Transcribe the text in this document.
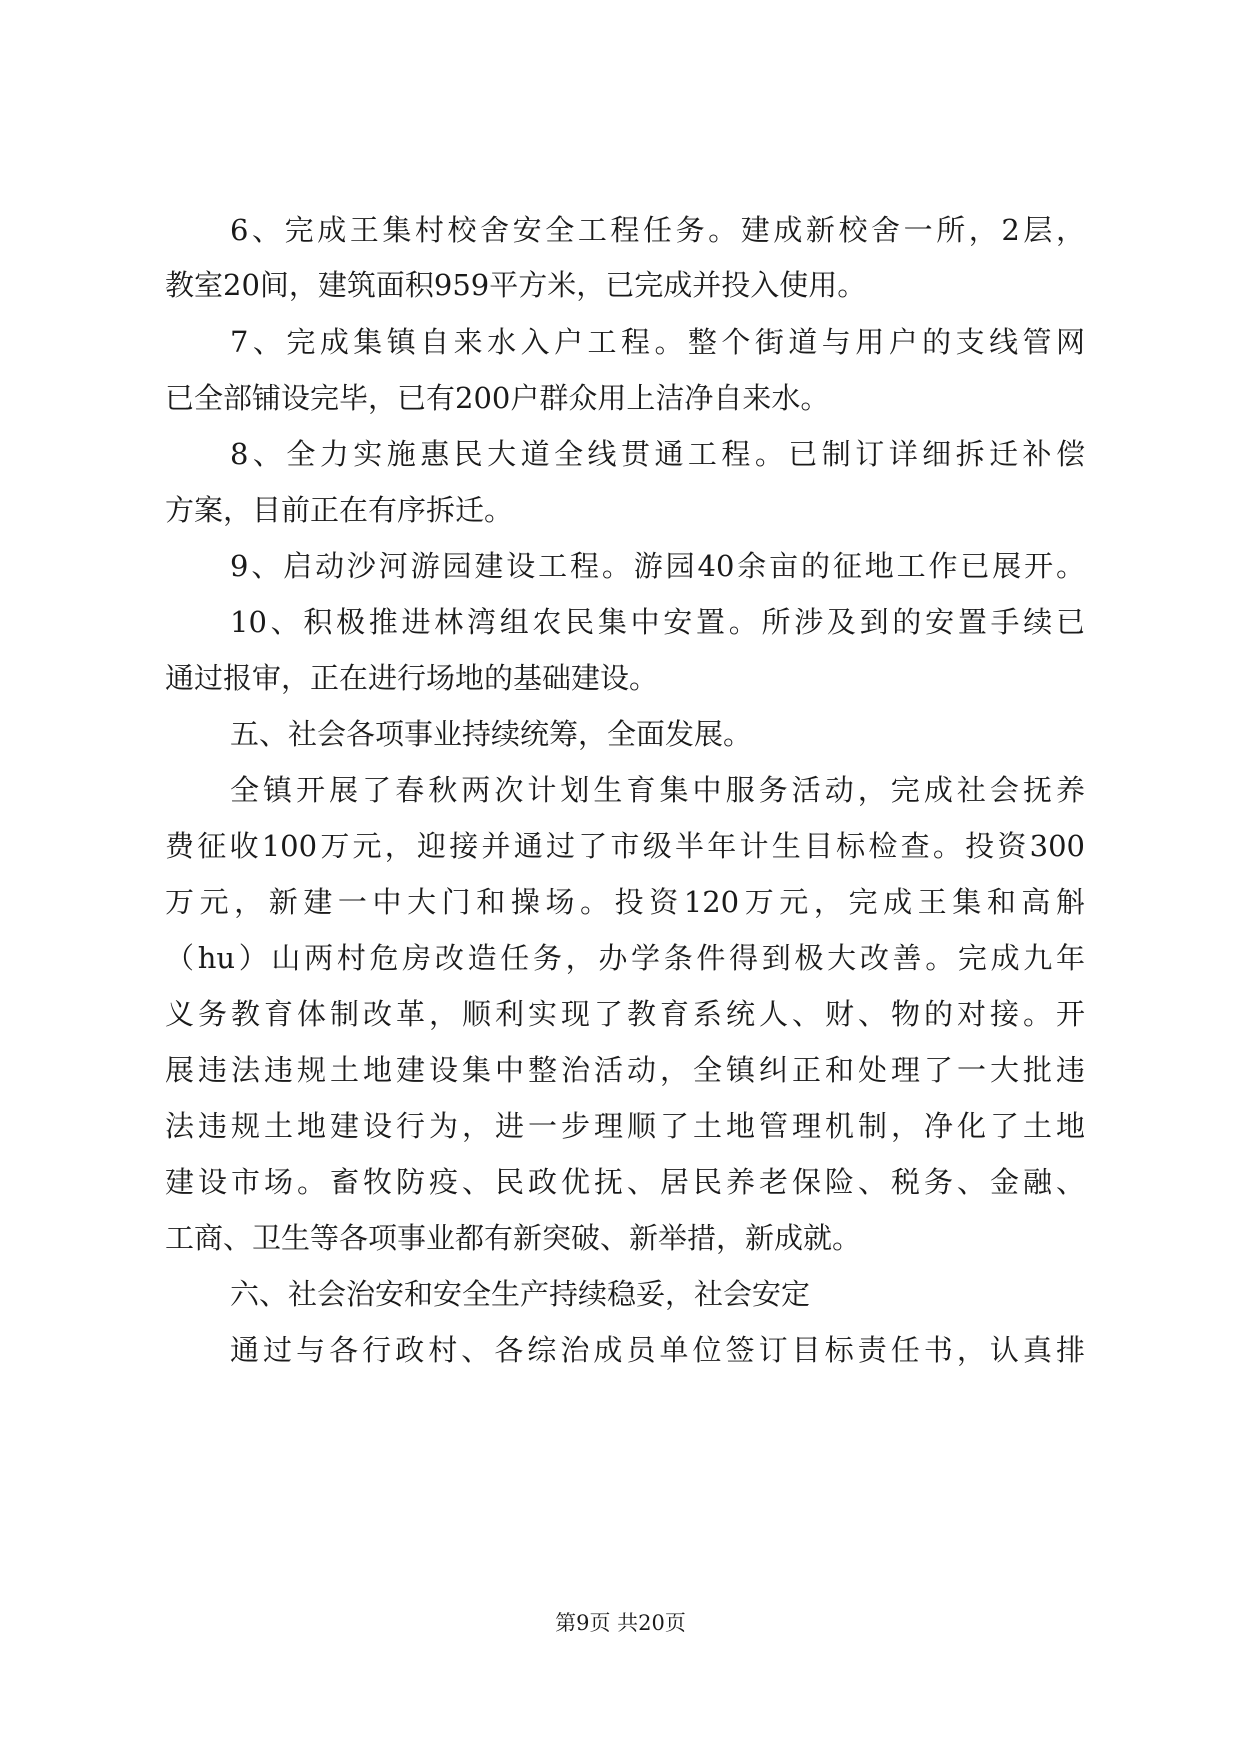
6、完成王集村校舍安全工程任务。建成新校舍一所，2层，
教室20间，建筑面积959平方米，已完成并投入使用。
7、完成集镇自来水入户工程。整个街道与用户的支线管网
已全部铺设完毕，已有200户群众用上洁净自来水。
8、全力实施惠民大道全线贯通工程。已制订详细拆迁补偿
方案，目前正在有序拆迁。
9、启动沙河游园建设工程。游园40余亩的征地工作已展开。
10、积极推进林湾组农民集中安置。所涉及到的安置手续已
通过报审，正在进行场地的基础建设。
五、社会各项事业持续统筹，全面发展。
全镇开展了春秋两次计划生育集中服务活动，完成社会抚养
费征收100万元，迎接并通过了市级半年计生目标检查。投资300
万元，新建一中大门和操场。投资120万元，完成王集和高斛
（hu）山两村危房改造任务，办学条件得到极大改善。完成九年
义务教育体制改革，顺利实现了教育系统人、财、物的对接。开
展违法违规土地建设集中整治活动，全镇纠正和处理了一大批违
法违规土地建设行为，进一步理顺了土地管理机制，净化了土地
建设市场。畜牧防疫、民政优抚、居民养老保险、税务、金融、
工商、卫生等各项事业都有新突破、新举措，新成就。
六、社会治安和安全生产持续稳妥，社会安定
通过与各行政村、各综治成员单位签订目标责任书，认真排
第9页 共20页
